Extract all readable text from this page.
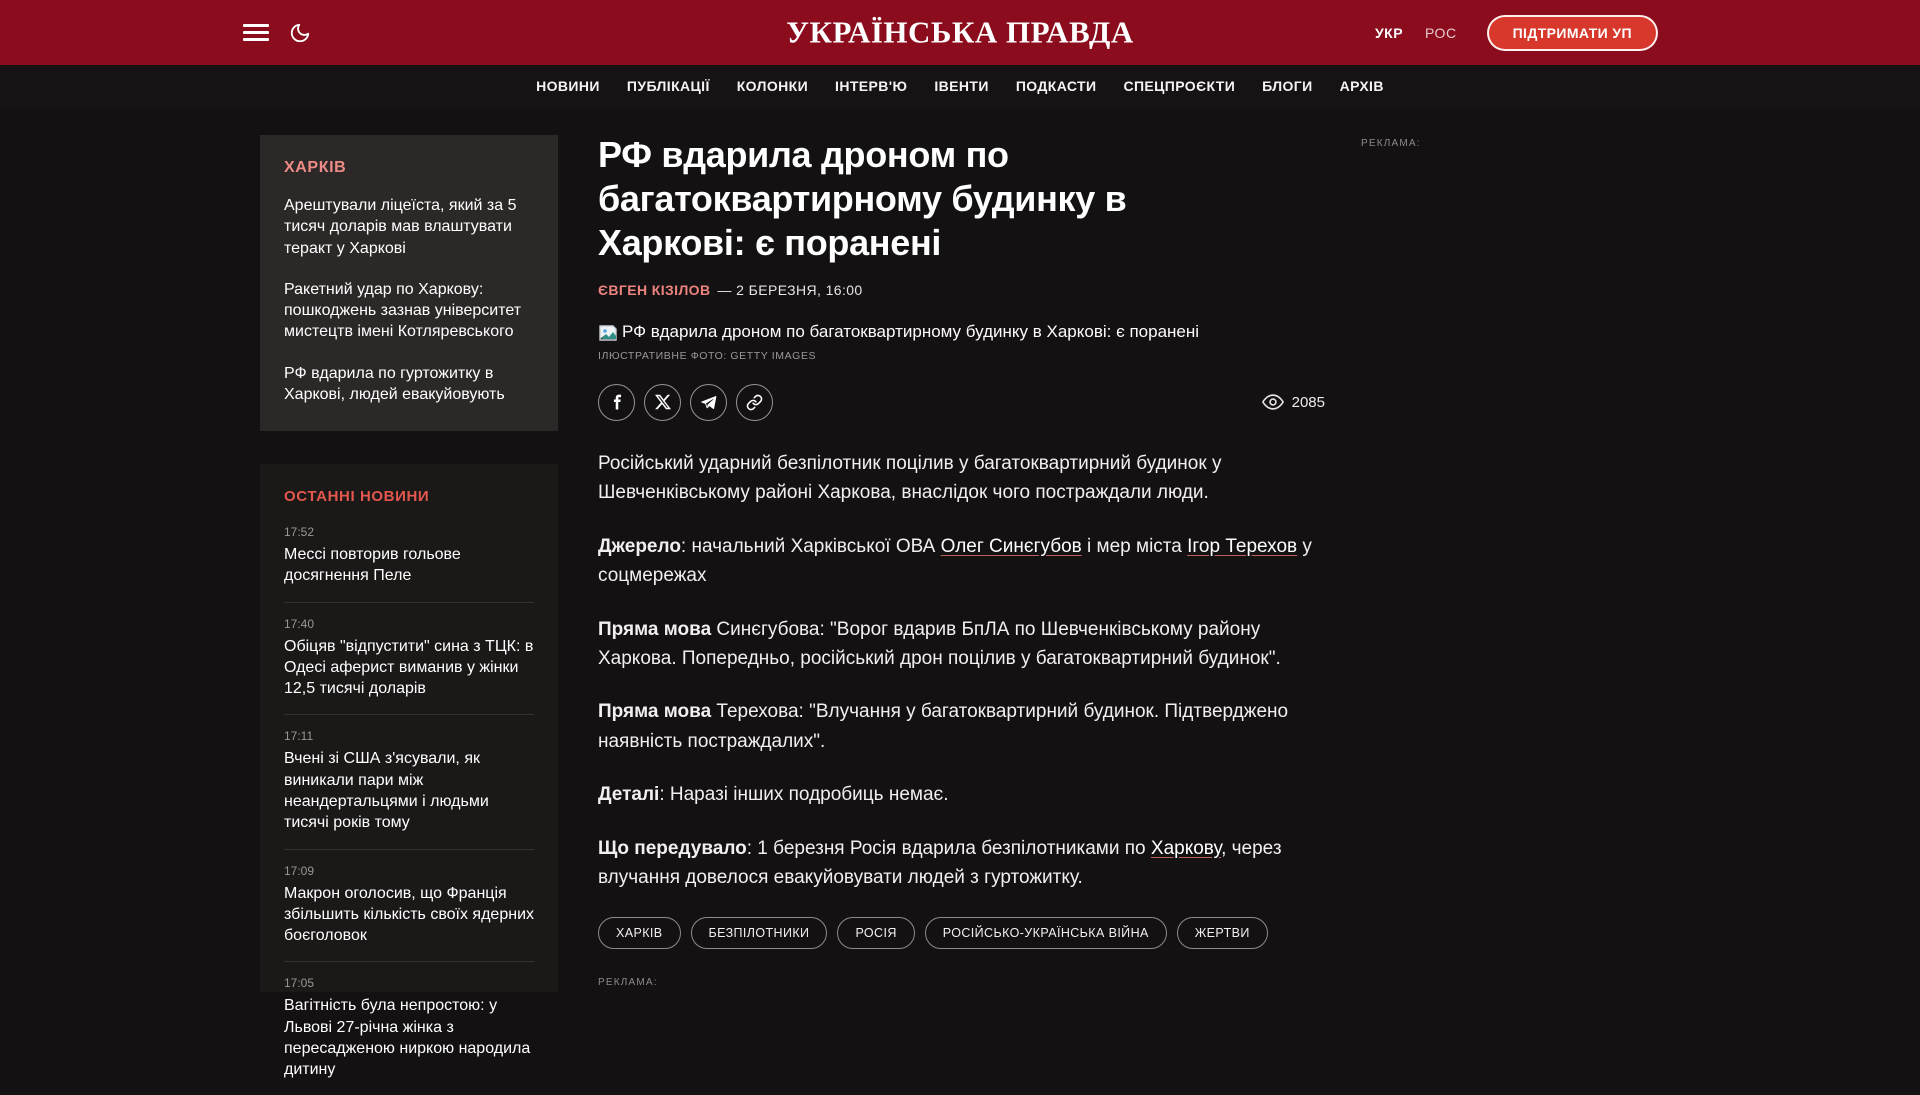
УКРАЇНСЬКА ПРАВДА	УКР РОС	ПІДТРИМАТИ УП
НОВИНИ ПУБЛІКАЦІЇ КОЛОНКИ ІНТЕРВ'Ю ІВЕНТИ ПОДКАСТИ СПЕЦПРОЄКТИ БЛОГИ АРХІВ
ХАРКІВ
Арештували ліцеїста, який за 5 тисяч доларів мав влаштувати теракт у Харкові
Ракетний удар по Харкову: пошкоджень зазнав університет мистецтв імені Котляревського
РФ вдарила по гуртожитку в Харкові, людей евакуйовують
ОСТАННІ НОВИНИ
17:52
Мессі повторив гольове досягнення Пеле
17:40
Обіцяв "відпустити" сина з ТЦК: в Одесі аферист виманив у жінки 12,5 тисячі доларів
17:11
Вчені зі США з'ясували, як виникали пари між неандертальцями і людьми тисячі років тому
17:09
Макрон оголосив, що Франція збільшить кількість своїх ядерних боєголовок
17:05
Вагітність була непростою: у Львові 27-річна жінка з пересадженою ниркою народила дитину
РФ вдарила дроном по багатоквартирному будинку в Харкові: є поранені
ЄВГЕН КІЗІЛОВ — 2 БЕРЕЗНЯ, 16:00
РФ вдарила дроном по багатоквартирному будинку в Харкові: є поранені
ІЛЮСТРАТИВНЕ ФОТО: GETTY IMAGES
2085

Російський ударний безпілотник поцілив у багатоквартирний будинок у Шевченківському районі Харкова, внаслідок чого постраждали люди.

Джерело: начальний Харківської ОВА Олег Синєгубов і мер міста Ігор Терехов у соцмережах

Пряма мова Синєгубова: "Ворог вдарив БпЛА по Шевченківському району Харкова. Попередньо, російський дрон поцілив у багатоквартирний будинок".

Пряма мова Терехова: "Влучання у багатоквартирний будинок. Підтверджено наявність постраждалих".

Деталі: Наразі інших подробиць немає.

Що передувало: 1 березня Росія вдарила безпілотниками по Харкову, через влучання довелося евакуйовувати людей з гуртожитку.

ХАРКІВ	БЕЗПІЛОТНИКИ	РОСІЯ	РОСІЙСЬКО-УКРАЇНСЬКА ВІЙНА	ЖЕРТВИ
РЕКЛАМА:
РЕКЛАМА:
